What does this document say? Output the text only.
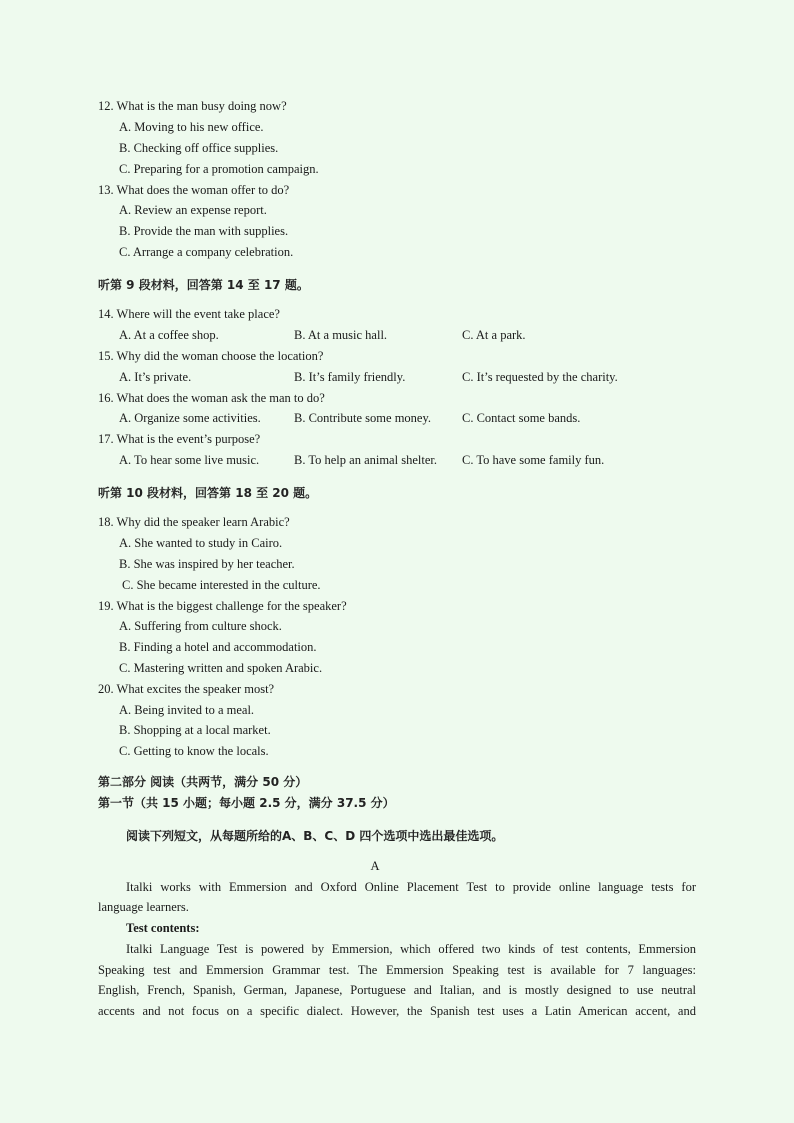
12. What is the man busy doing now?
A. Moving to his new office.
B. Checking off office supplies.
C. Preparing for a promotion campaign.
13. What does the woman offer to do?
A. Review an expense report.
B. Provide the man with supplies.
C. Arrange a company celebration.
听第 9 段材料，回答第 14 至 17 题。
14. Where will the event take place?
A. At a coffee shop.	B. At a music hall.	C. At a park.
15. Why did the woman choose the location?
A. It’s private.	B. It’s family friendly.	C. It’s requested by the charity.
16. What does the woman ask the man to do?
A. Organize some activities.	B. Contribute some money. C. Contact some bands.
17. What is the event’s purpose?
A. To hear some live music.	B. To help an animal shelter. C. To have some family fun.
听第 10 段材料，回答第 18 至 20 题。
18. Why did the speaker learn Arabic?
A. She wanted to study in Cairo.
B. She was inspired by her teacher.
C. She became interested in the culture.
19. What is the biggest challenge for the speaker?
A. Suffering from culture shock.
B. Finding a hotel and accommodation.
C. Mastering written and spoken Arabic.
20. What excites the speaker most?
A. Being invited to a meal.
B. Shopping at a local market.
C. Getting to know the locals.
第二部分 阅读（共两节，满分 50 分）
第一节（共 15 小题；每小题 2.5 分，满分 37.5 分）
阅读下列短文，从每题所给的A、B、C、D 四个选项中选出最佳选项。
A
Italki works with Emmersion and Oxford Online Placement Test to provide online language tests for
language learners.
Test contents:
Italki Language Test is powered by Emmersion, which offered two kinds of test contents, Emmersion
Speaking test and Emmersion Grammar test. The Emmersion Speaking test is available for 7 languages:
English, French, Spanish, German, Japanese, Portuguese and Italian, and is mostly designed to use neutral
accents and not focus on a specific dialect. However, the Spanish test uses a Latin American accent, and
